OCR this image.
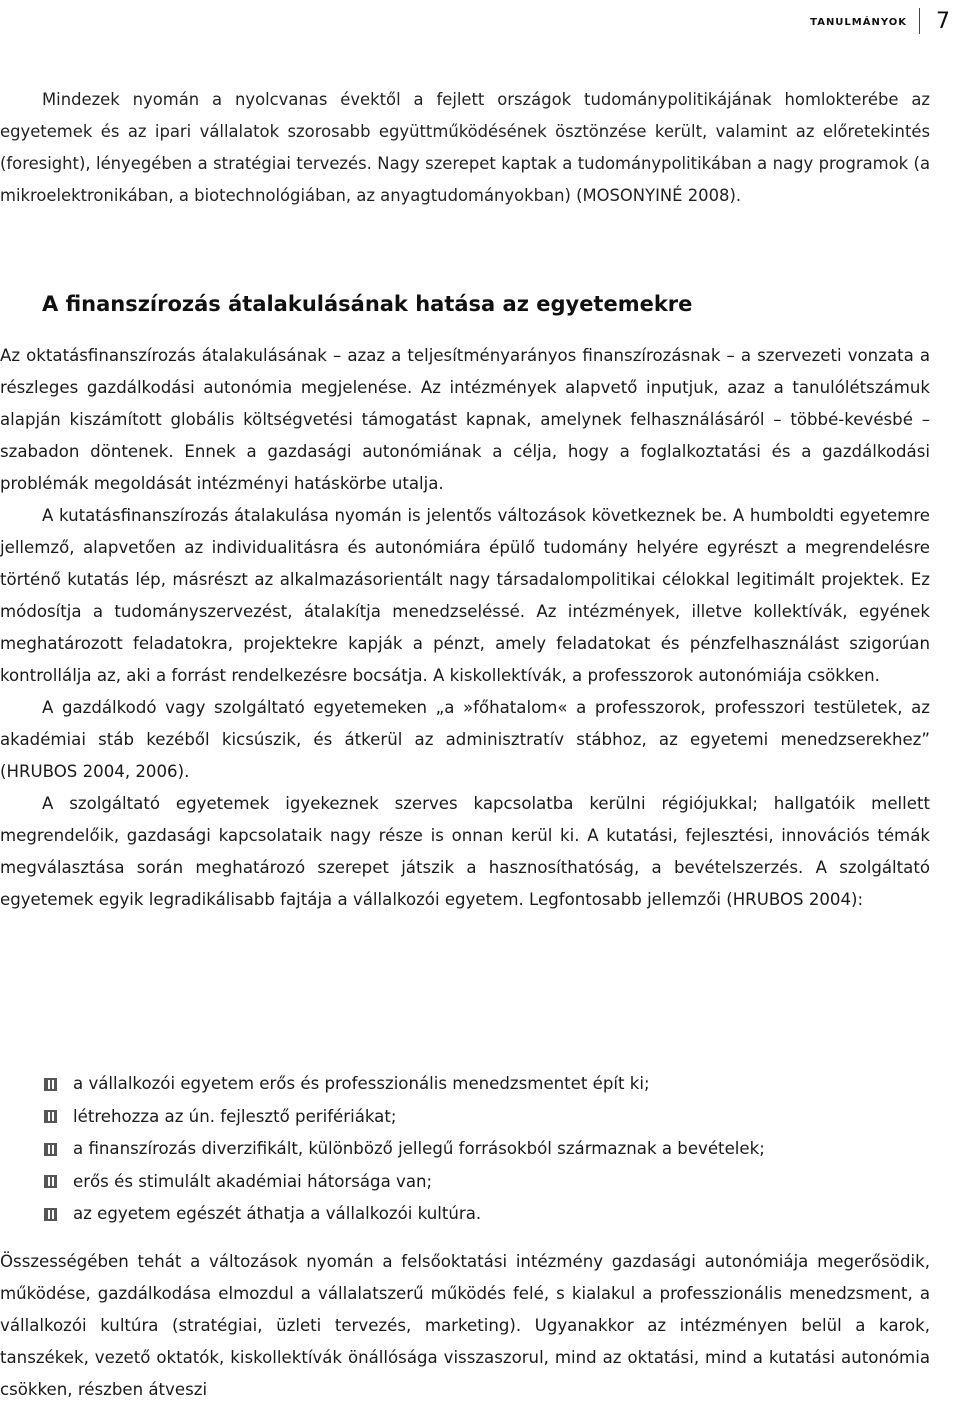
tanulmányok 7

Mindezek nyomán a nyolcvanas évektől a fejlett országok tudománypolitikájának homlokterébe az egyetemek és az ipari vállalatok szorosabb együttműködésének ösztönzése került, valamint az előretekintés (foresight), lényegében a stratégiai tervezés. Nagy szerepet kaptak a tudománypolitikában a nagy programok (a mikroelektronikában, a biotechnológiában, az anyagtudományokban) (MOSONYINÉ 2008).

A finanszírozás átalakulásának hatása az egyetemekre

Az oktatásfinanszírozás átalakulásának – azaz a teljesítményarányos finanszírozásnak – a szervezeti vonzata a részleges gazdálkodási autonómia megjelenése. Az intézmények alapvető inputjuk, azaz a tanulólétszámuk alapján kiszámított globális költségvetési támogatást kapnak, amelynek felhasználásáról – többé-kevésbé – szabadon döntenek. Ennek a gazdasági autonómiának a célja, hogy a foglalkoztatási és a gazdálkodási problémák megoldását intézményi hatáskörbe utalja.

A kutatásfinanszírozás átalakulása nyomán is jelentős változások következnek be. A humboldti egyetemre jellemző, alapvetően az individualitásra és autonómiára épülő tudomány helyére egyrészt a megrendelésre történő kutatás lép, másrészt az alkalmazásorientált nagy társadalompolitikai célokkal legitimált projektek. Ez módosítja a tudományszervezést, átalakítja menedzseléssé. Az intézmények, illetve kollektívák, egyének meghatározott feladatokra, projektekre kapják a pénzt, amely feladatokat és pénzfelhasználást szigorúan kontrollálja az, aki a forrást rendelkezésre bocsátja. A kiskollektívák, a professzorok autonómiája csökken.

A gazdálkodó vagy szolgáltató egyetemeken „a »főhatalom« a professzorok, professzori testületek, az akadémiai stáb kezéből kicsúszik, és átkerül az adminisztratív stábhoz, az egyetemi menedzserekhez” (HRUBOS 2004, 2006).

A szolgáltató egyetemek igyekeznek szerves kapcsolatba kerülni régiójukkal; hallgatóik mellett megrendelőik, gazdasági kapcsolataik nagy része is onnan kerül ki. A kutatási, fejlesztési, innovációs témák megválasztása során meghatározó szerepet játszik a hasznosíthatóság, a bevételszerzés. A szolgáltató egyetemek egyik legradikálisabb fajtája a vállalkozói egyetem. Legfontosabb jellemzői (HRUBOS 2004):

a vállalkozói egyetem erős és professzionális menedzsmentet épít ki;
létrehozza az ún. fejlesztő perifériákat;
a finanszírozás diverzifikált, különböző jellegű forrásokból származnak a bevételek;
erős és stimulált akadémiai hátorsága van;
az egyetem egészét áthatja a vállalkozói kultúra.

Összességében tehát a változások nyomán a felsőoktatási intézmény gazdasági autonómiája megerősödik, működése, gazdálkodása elmozdul a vállalatszerű működés felé, s kialakul a professzionális menedzsment, a vállalkozói kultúra (stratégiai, üzleti tervezés, marketing). Ugyanakkor az intézményen belül a karok, tanszékek, vezető oktatók, kiskollektívák önállósága visszaszorul, mind az oktatási, mind a kutatási autonómia csökken, részben átveszi
